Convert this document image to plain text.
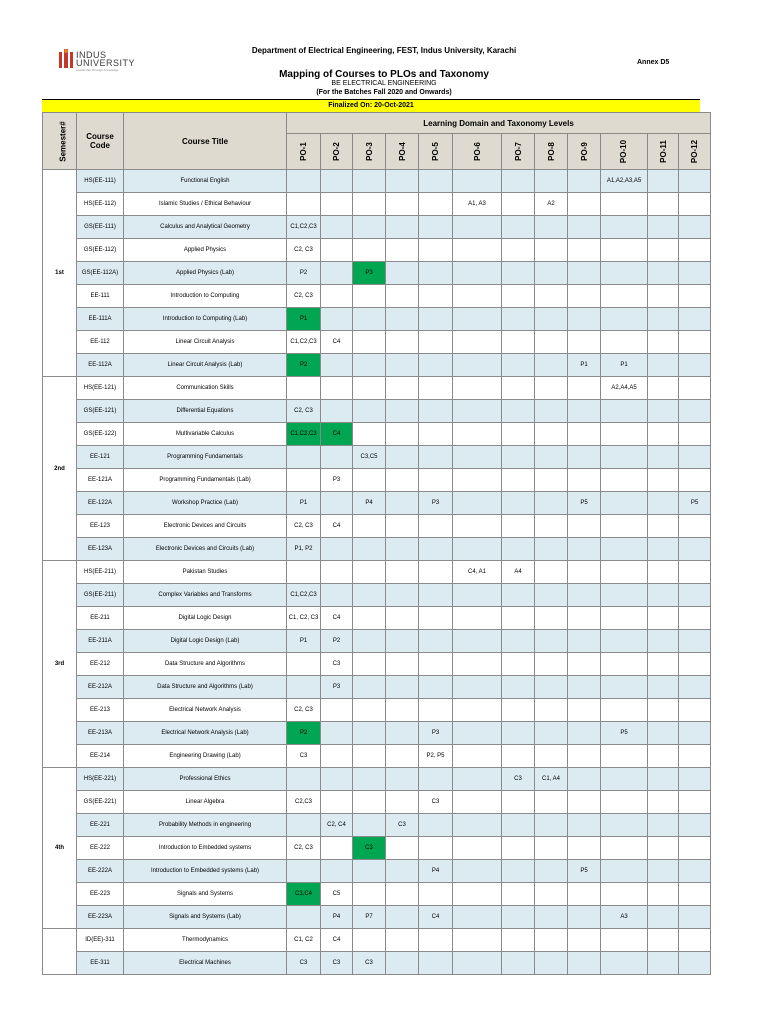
INDUS
UNIVERSITY
Leadership Through Knowledge
Department of Electrical Engineering, FEST, Indus University, Karachi
Annex D5
Mapping of Courses to PLOs and Taxonomy
BE ELECTRICAL ENGINEERING
(For the Batches Fall 2020 and Onwards)
Finalized On: 20-Oct-2021
Semester#	Course Code	Course Title	Learning Domain and Taxonomy Levels											
			PO-1	PO-2	PO-3	PO-4	PO-5	PO-6	PO-7	PO-8	PO-9	PO-10	PO-11	PO-12
1st	HS(EE-111)	Functional English										A1,A2,A3,A5		
	HS(EE-112)	Islamic Studies / Ethical Behaviour						A1, A3		A2				
	GS(EE-111)	Calculus and Analytical Geometry	C1,C2,C3											
	GS(EE-112)	Applied Physics	C2, C3											
	GS(EE-112A)	Applied Physics (Lab)	P2		P3									
	EE-111	Introduction to Computing	C2, C3											
	EE-111A	Introduction to Computing (Lab)	P1											
	EE-112	Linear Circuit Analysis	C1,C2,C3	C4										
	EE-112A	Linear Circuit Analysis (Lab)	P2								P1	P1		
2nd	HS(EE-121)	Communication Skills										A2,A4,A5		
	GS(EE-121)	Differential Equations	C2, C3											
	GS(EE-122)	Multivariable Calculus	C1,C2,C3	C4										
	EE-121	Programming Fundamentals			C3,C5									
	EE-121A	Programming Fundamentals (Lab)		P3										
	EE-122A	Workshop Practice (Lab)	P1		P4		P3				P5			P5
	EE-123	Electronic Devices and Circuits	C2, C3	C4										
	EE-123A	Electronic Devices and Circuits (Lab)	P1, P2											
3rd	HS(EE-211)	Pakistan Studies						C4, A1	A4					
	GS(EE-211)	Complex Variables and Transforms	C1,C2,C3											
	EE-211	Digital Logic Design	C1, C2, C3	C4										
	EE-211A	Digital Logic Design (Lab)	P1	P2										
	EE-212	Data Structure and Algorithms		C3										
	EE-212A	Data Structure and Algorithms (Lab)		P3										
	EE-213	Electrical Network Analysis	C2, C3											
	EE-213A	Electrical Network Analysis (Lab)	P2				P3					P5		
	EE-214	Engineering Drawing (Lab)	C3				P2, P5							
4th	HS(EE-221)	Professional Ethics							C3	C1, A4				
	GS(EE-221)	Linear Algebra	C2,C3				C3							
	EE-221	Probability Methods in engineering		C2, C4		C3								
	EE-222	Introduction to Embedded systems	C2, C3		C3									
	EE-222A	Introduction to Embedded systems (Lab)					P4				P5			
	EE-223	Signals and Systems	C3,C4	C5										
	EE-223A	Signals and Systems (Lab)		P4	P7		C4					A3		
	ID(EE)-311	Thermodynamics	C1, C2	C4										
	EE-311	Electrical Machines	C3	C3	C3									
